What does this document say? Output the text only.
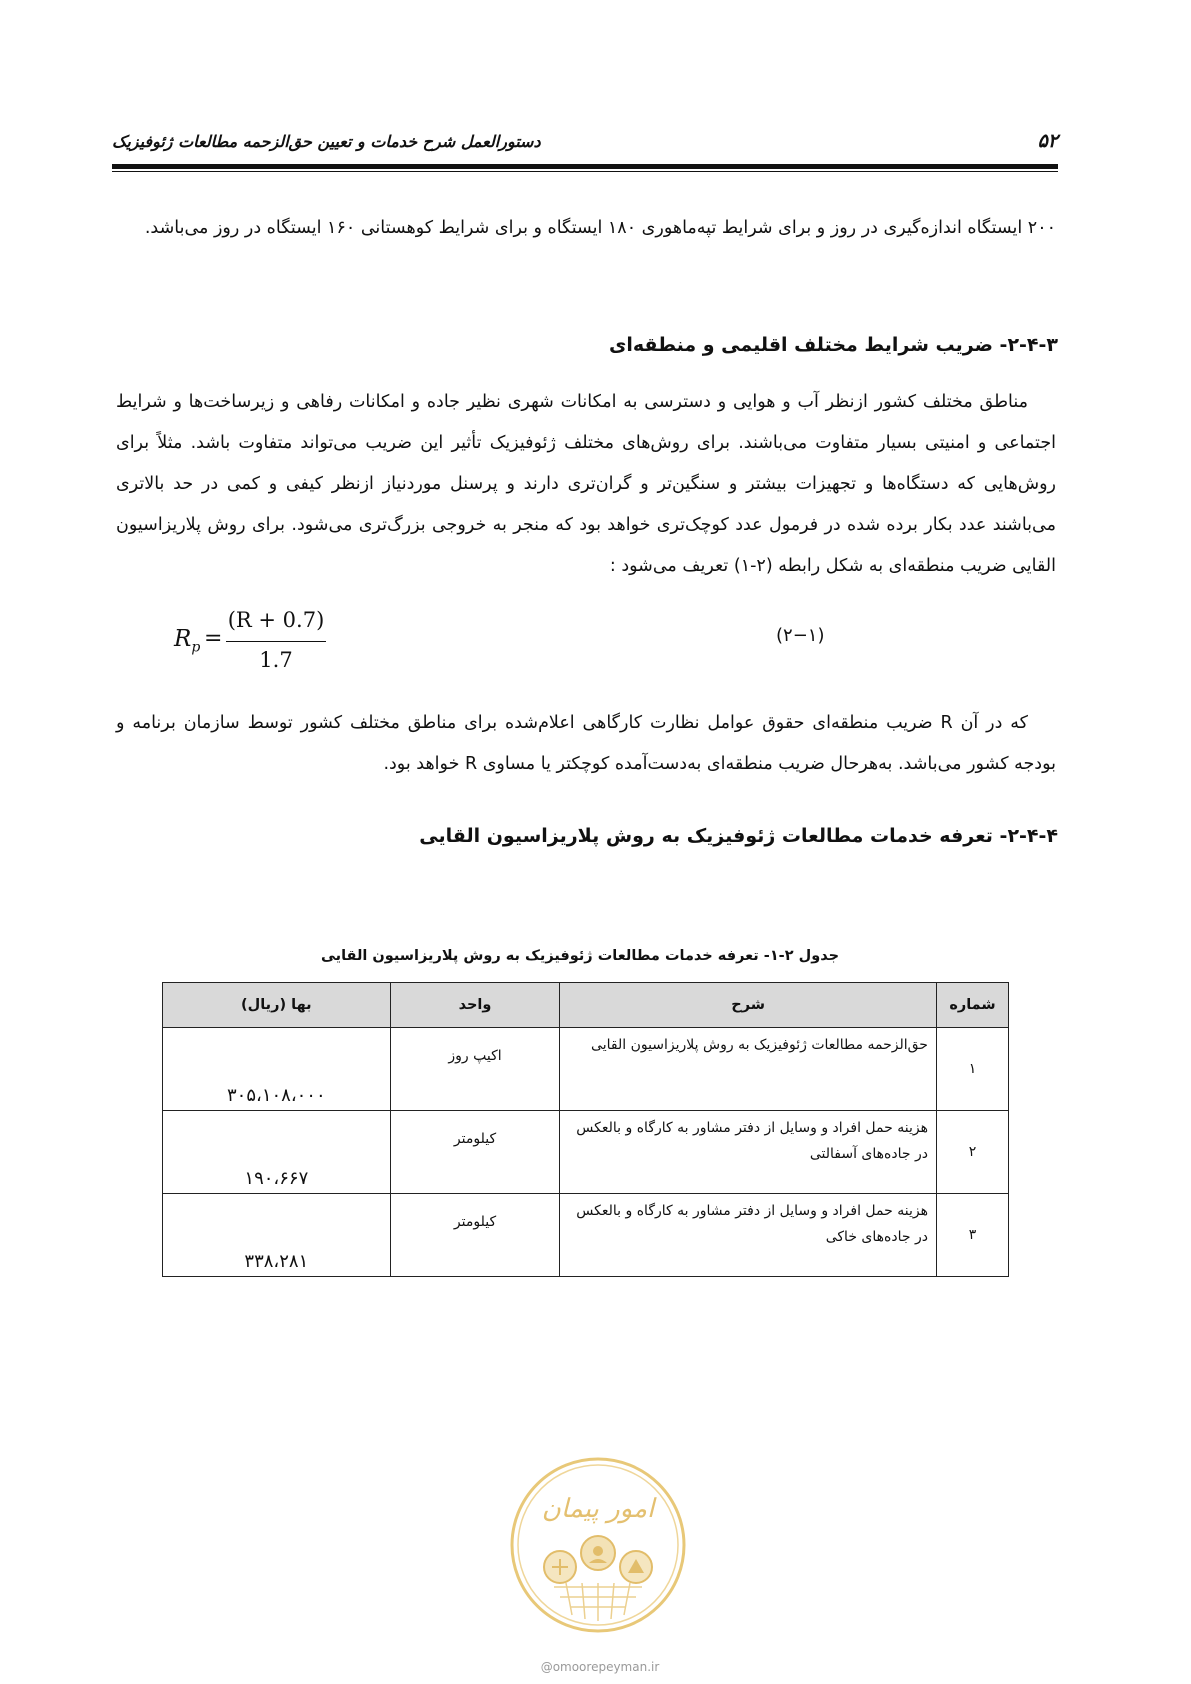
۵۲
دستورالعمل شرح خدمات و تعیین حق‌الزحمه مطالعات ژئوفیزیک
۲۰۰ ایستگاه اندازه‌گیری در روز و برای شرایط تپه‌ماهوری ۱۸۰ ایستگاه و برای شرایط کوهستانی ۱۶۰ ایستگاه در روز می‌باشد.
۲-۴-۳- ضریب شرایط مختلف اقلیمی و منطقه‌ای
مناطق مختلف کشور ازنظر آب و هوایی و دسترسی به امکانات شهری نظیر جاده و امکانات رفاهی و زیرساخت‌ها و شرایط اجتماعی و امنیتی بسیار متفاوت می‌باشند. برای روش‌های مختلف ژئوفیزیک تأثیر این ضریب می‌تواند متفاوت باشد. مثلاً برای روش‌هایی که دستگاه‌ها و تجهیزات بیشتر و سنگین‌تر و گران‌تری دارند و پرسنل موردنیاز ازنظر کیفی و کمی در حد بالاتری می‌باشند عدد بکار برده شده در فرمول عدد کوچک‌تری خواهد بود که منجر به خروجی بزرگ‌تری می‌شود. برای روش پلاریزاسیون القایی ضریب منطقه‌ای به شکل رابطه (۲-۱) تعریف می‌شود :
$R_p$ =
(R + 0.7)
1.7
(۲−۱)
که در آن R ضریب منطقه‌ای حقوق عوامل نظارت کارگاهی اعلام‌شده برای مناطق مختلف کشور توسط سازمان برنامه و بودجه کشور می‌باشد. به‌هرحال ضریب منطقه‌ای به‌دست‌آمده کوچکتر یا مساوی R خواهد بود.
۲-۴-۴- تعرفه خدمات مطالعات ژئوفیزیک به روش پلاریزاسیون القایی
جدول ۲-۱- تعرفه خدمات مطالعات ژئوفیزیک به روش پلاریزاسیون القایی
شماره	شرح	واحد	بها (ریال)
۱	حق‌الزحمه مطالعات ژئوفیزیک به روش پلاریزاسیون القایی	اکیپ روز	۳۰۵،۱۰۸،۰۰۰
۲	هزینه حمل افراد و وسایل از دفتر مشاور به کارگاه و بالعکس در جاده‌های آسفالتی	کیلومتر	۱۹۰،۶۶۷
۳	هزینه حمل افراد و وسایل از دفتر مشاور به کارگاه و بالعکس در جاده‌های خاکی	کیلومتر	۳۳۸،۲۸۱
امور پیمان
@omoorepeyman.ir
